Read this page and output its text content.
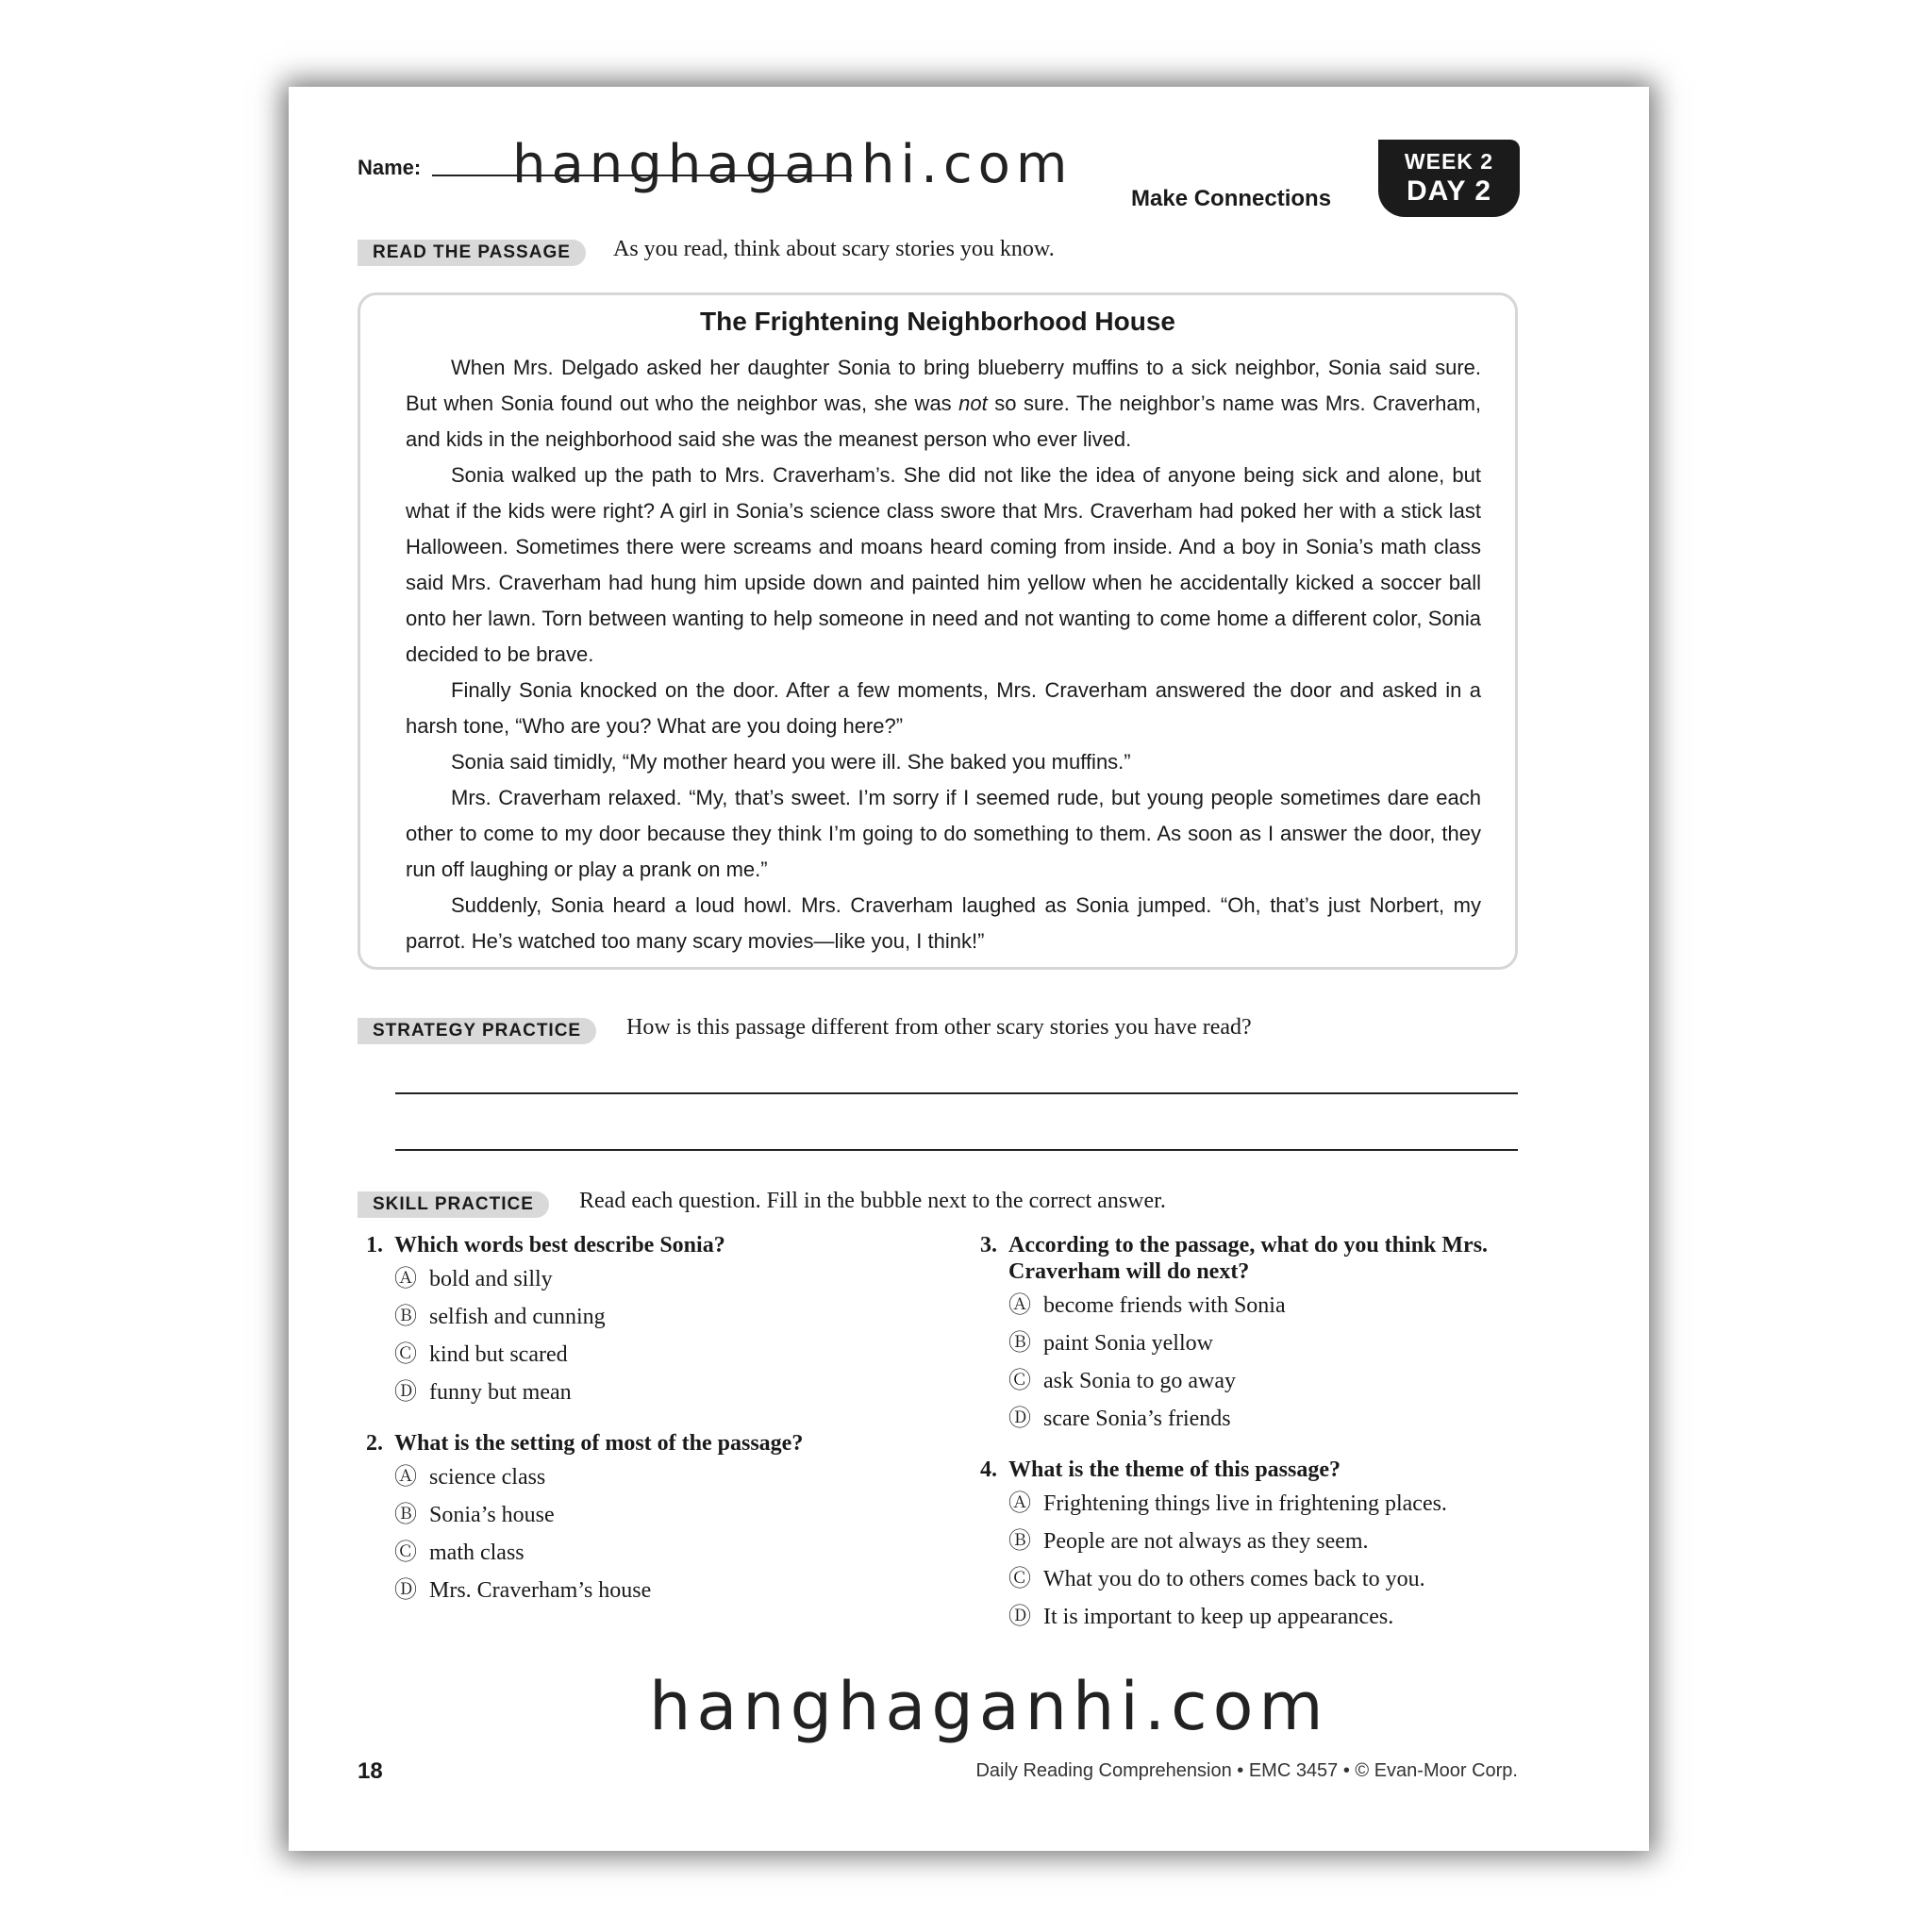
Name: hanghaganhi.com
Make Connections
WEEK 2
DAY 2
READ THE PASSAGE	As you read, think about scary stories you know.
The Frightening Neighborhood House

When Mrs. Delgado asked her daughter Sonia to bring blueberry muffins to a sick neighbor, Sonia said sure. But when Sonia found out who the neighbor was, she was not so sure. The neighbor’s name was Mrs. Craverham, and kids in the neighborhood said she was the meanest person who ever lived.

Sonia walked up the path to Mrs. Craverham’s. She did not like the idea of anyone being sick and alone, but what if the kids were right? A girl in Sonia’s science class swore that Mrs. Craverham had poked her with a stick last Halloween. Sometimes there were screams and moans heard coming from inside. And a boy in Sonia’s math class said Mrs. Craverham had hung him upside down and painted him yellow when he accidentally kicked a soccer ball onto her lawn. Torn between wanting to help someone in need and not wanting to come home a different color, Sonia decided to be brave.

Finally Sonia knocked on the door. After a few moments, Mrs. Craverham answered the door and asked in a harsh tone, “Who are you? What are you doing here?”

Sonia said timidly, “My mother heard you were ill. She baked you muffins.”

Mrs. Craverham relaxed. “My, that’s sweet. I’m sorry if I seemed rude, but young people sometimes dare each other to come to my door because they think I’m going to do something to them. As soon as I answer the door, they run off laughing or play a prank on me.”

Suddenly, Sonia heard a loud howl. Mrs. Craverham laughed as Sonia jumped. “Oh, that’s just Norbert, my parrot. He’s watched too many scary movies—like you, I think!”

STRATEGY PRACTICE	How is this passage different from other scary stories you have read?
SKILL PRACTICE	Read each question. Fill in the bubble next to the correct answer.
1. Which words best describe Sonia?
Ⓐ bold and silly
Ⓑ selfish and cunning
Ⓒ kind but scared
Ⓓ funny but mean
2. What is the setting of most of the passage?
Ⓐ science class
Ⓑ Sonia’s house
Ⓒ math class
Ⓓ Mrs. Craverham’s house
3. According to the passage, what do you think Mrs.
Craverham will do next?
Ⓐ become friends with Sonia
Ⓑ paint Sonia yellow
Ⓒ ask Sonia to go away
Ⓓ scare Sonia’s friends
4. What is the theme of this passage?
Ⓐ Frightening things live in frightening places.
Ⓑ People are not always as they seem.
Ⓒ What you do to others comes back to you.
Ⓓ It is important to keep up appearances.
hanghaganhi.com
18	Daily Reading Comprehension • EMC 3457 • © Evan-Moor Corp.
